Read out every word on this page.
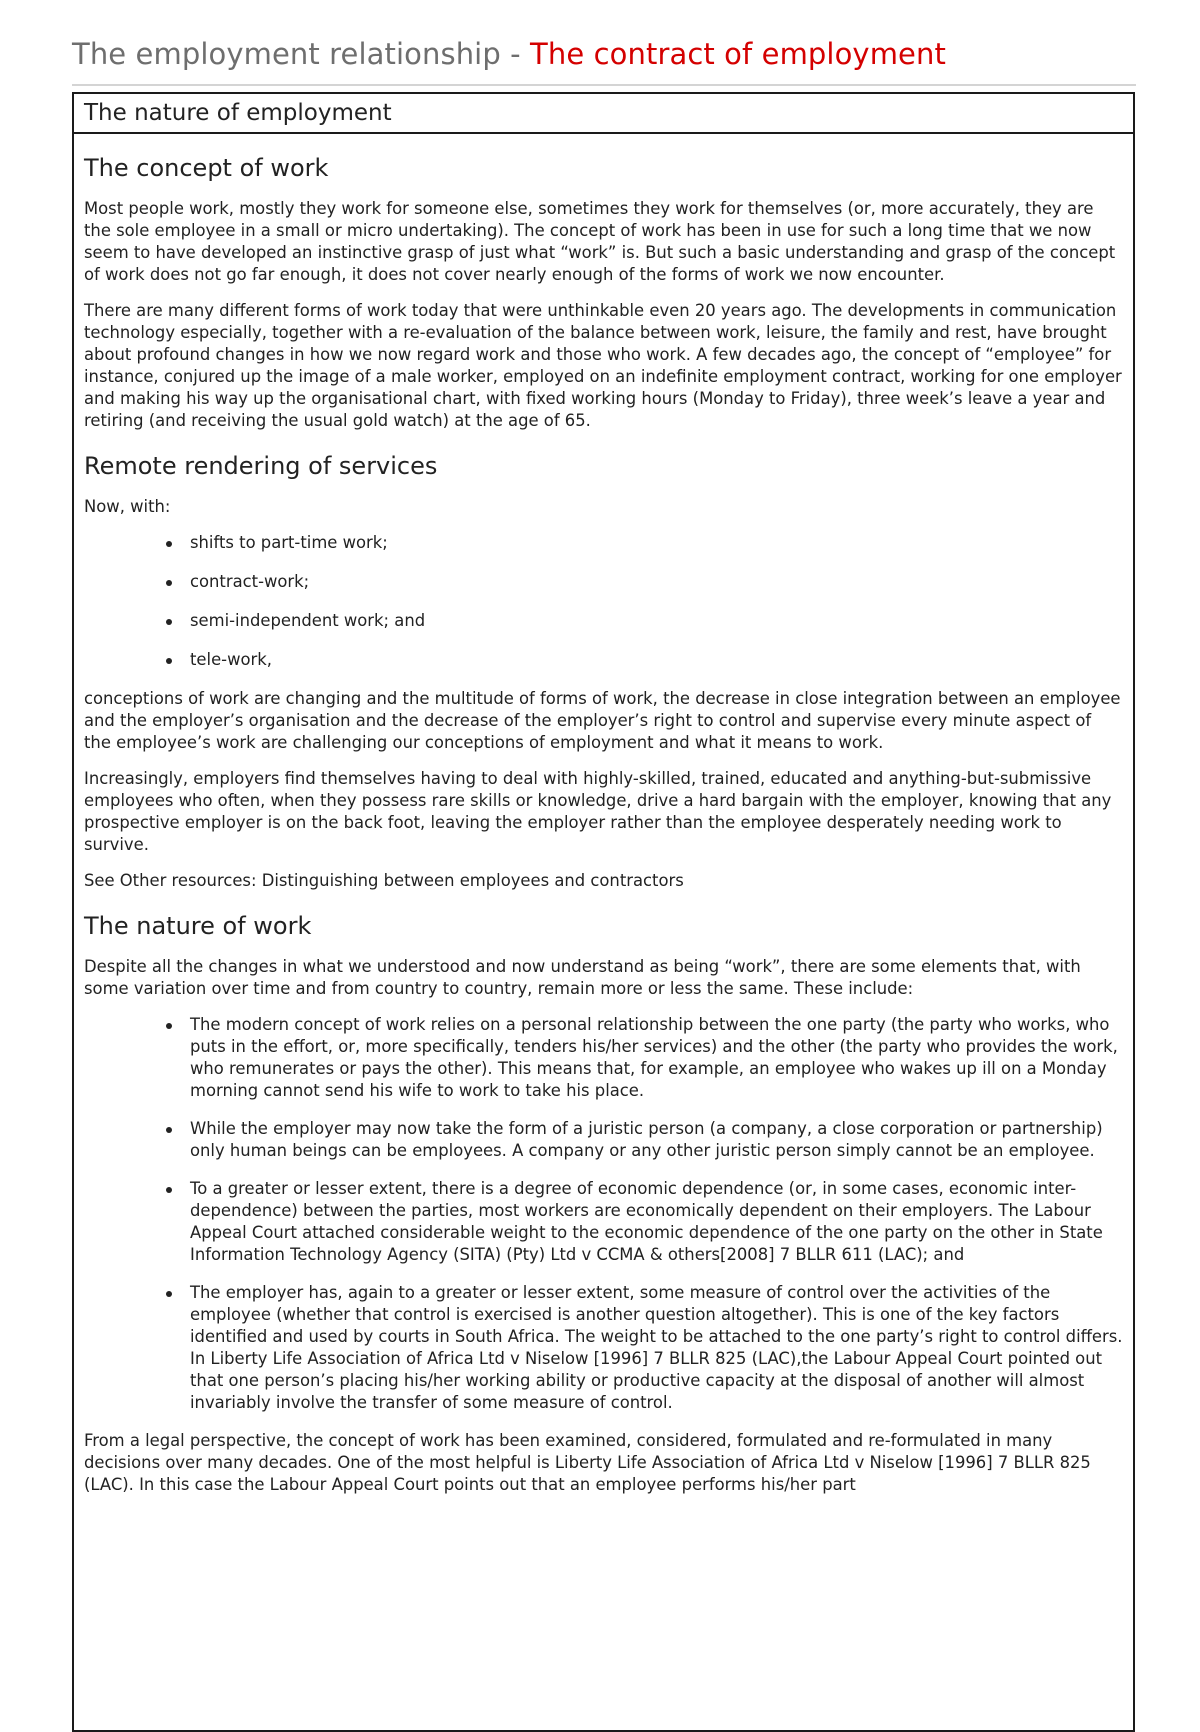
The employment relationship - The contract of employment
The nature of employment
The concept of work

Most people work, mostly they work for someone else, sometimes they work for themselves (or, more accurately, they are the sole employee in a small or micro undertaking). The concept of work has been in use for such a long time that we now seem to have developed an instinctive grasp of just what “work” is. But such a basic understanding and grasp of the concept of work does not go far enough, it does not cover nearly enough of the forms of work we now encounter.

There are many different forms of work today that were unthinkable even 20 years ago. The developments in communication technology especially, together with a re-evaluation of the balance between work, leisure, the family and rest, have brought about profound changes in how we now regard work and those who work. A few decades ago, the concept of “employee” for instance, conjured up the image of a male worker, employed on an indefinite employment contract, working for one employer and making his way up the organisational chart, with fixed working hours (Monday to Friday), three week’s leave a year and retiring (and receiving the usual gold watch) at the age of 65.

Remote rendering of services

Now, with:

shifts to part-time work;
contract-work;
semi-independent work; and
tele-work,

conceptions of work are changing and the multitude of forms of work, the decrease in close integration between an employee and the employer’s organisation and the decrease of the employer’s right to control and supervise every minute aspect of the employee’s work are challenging our conceptions of employment and what it means to work.

Increasingly, employers find themselves having to deal with highly-skilled, trained, educated and anything-but-submissive employees who often, when they possess rare skills or knowledge, drive a hard bargain with the employer, knowing that any prospective employer is on the back foot, leaving the employer rather than the employee desperately needing work to survive.

See Other resources: Distinguishing between employees and contractors

The nature of work

Despite all the changes in what we understood and now understand as being “work”, there are some elements that, with some variation over time and from country to country, remain more or less the same. These include:

The modern concept of work relies on a personal relationship between the one party (the party who works, who puts in the effort, or, more specifically, tenders his/her services) and the other (the party who provides the work, who remunerates or pays the other). This means that, for example, an employee who wakes up ill on a Monday morning cannot send his wife to work to take his place.
While the employer may now take the form of a juristic person (a company, a close corporation or partnership) only human beings can be employees. A company or any other juristic person simply cannot be an employee.
To a greater or lesser extent, there is a degree of economic dependence (or, in some cases, economic inter-dependence) between the parties, most workers are economically dependent on their employers. The Labour Appeal Court attached considerable weight to the economic dependence of the one party on the other in State Information Technology Agency (SITA) (Pty) Ltd v CCMA & others[2008] 7 BLLR 611 (LAC); and
The employer has, again to a greater or lesser extent, some measure of control over the activities of the employee (whether that control is exercised is another question altogether). This is one of the key factors identified and used by courts in South Africa. The weight to be attached to the one party’s right to control differs. In Liberty Life Association of Africa Ltd v Niselow [1996] 7 BLLR 825 (LAC),the Labour Appeal Court pointed out that one person’s placing his/her working ability or productive capacity at the disposal of another will almost invariably involve the transfer of some measure of control.

From a legal perspective, the concept of work has been examined, considered, formulated and re-formulated in many decisions over many decades. One of the most helpful is Liberty Life Association of Africa Ltd v Niselow [1996] 7 BLLR 825 (LAC). In this case the Labour Appeal Court points out that an employee performs his/her part
